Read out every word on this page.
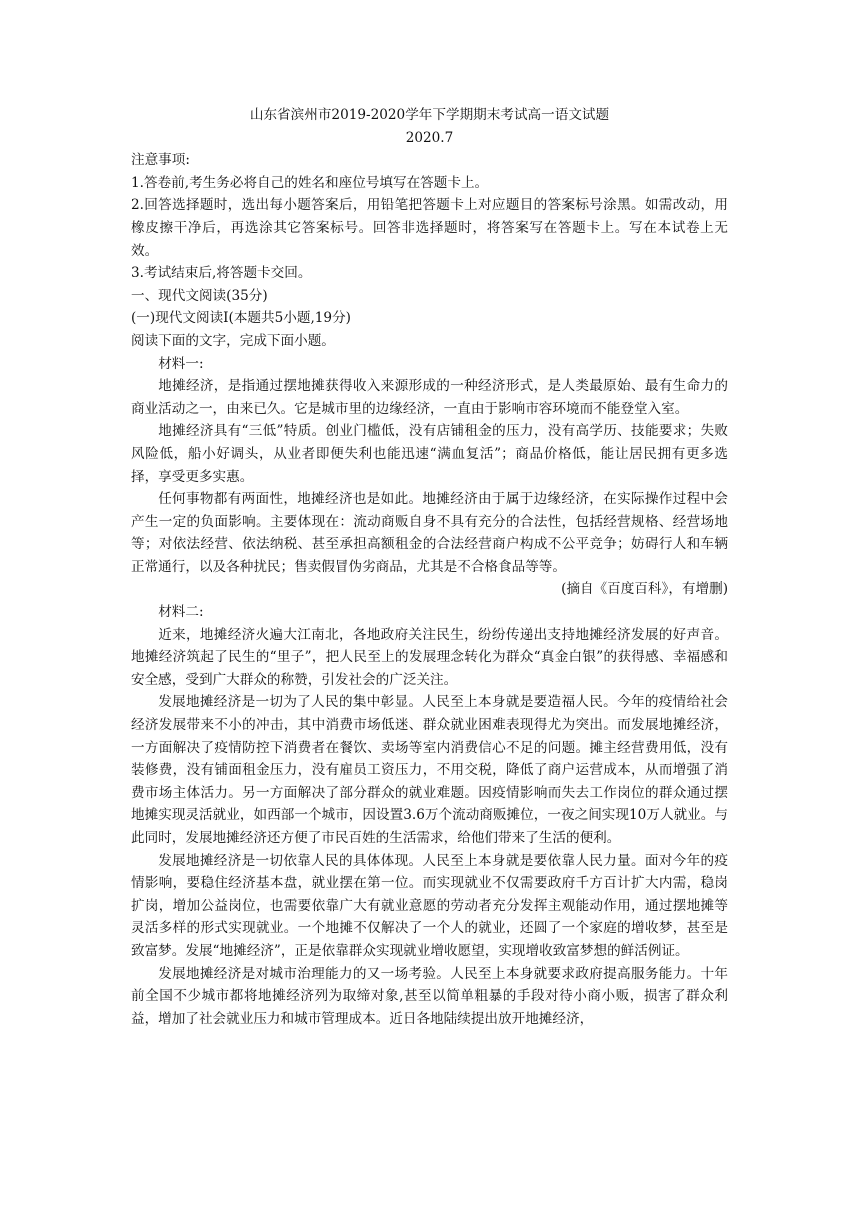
山东省滨州市2019-2020学年下学期期末考试高一语文试题

2020.7

注意事项:

1.答卷前,考生务必将自己的姓名和座位号填写在答题卡上。

2.回答选择题时，选出每小题答案后，用铅笔把答题卡上对应题目的答案标号涂黑。如需改动，用橡皮擦干净后，再选涂其它答案标号。回答非选择题时，将答案写在答题卡上。写在本试卷上无效。

3.考试结束后,将答题卡交回。

一、现代文阅读(35分)

(一)现代文阅读Ⅰ(本题共5小题,19分)

阅读下面的文字，完成下面小题。

材料一:

地摊经济，是指通过摆地摊获得收入来源形成的一种经济形式，是人类最原始、最有生命力的商业活动之一，由来已久。它是城市里的边缘经济，一直由于影响市容环境而不能登堂入室。

地摊经济具有“三低”特质。创业门槛低，没有店铺租金的压力，没有高学历、技能要求；失败风险低，船小好调头，从业者即便失利也能迅速“满血复活”；商品价格低，能让居民拥有更多选择，享受更多实惠。

任何事物都有两面性，地摊经济也是如此。地摊经济由于属于边缘经济，在实际操作过程中会产生一定的负面影响。主要体现在：流动商贩自身不具有充分的合法性，包括经营规格、经营场地等；对依法经营、依法纳税、甚至承担高额租金的合法经营商户构成不公平竞争；妨碍行人和车辆正常通行，以及各种扰民；售卖假冒伪劣商品，尤其是不合格食品等等。

(摘自《百度百科》，有增删)

材料二:

近来，地摊经济火遍大江南北，各地政府关注民生，纷纷传递出支持地摊经济发展的好声音。地摊经济筑起了民生的“里子”，把人民至上的发展理念转化为群众“真金白银”的获得感、幸福感和安全感，受到广大群众的称赞，引发社会的广泛关注。

发展地摊经济是一切为了人民的集中彰显。人民至上本身就是要造福人民。今年的疫情给社会经济发展带来不小的冲击，其中消费市场低迷、群众就业困难表现得尤为突出。而发展地摊经济，一方面解决了疫情防控下消费者在餐饮、卖场等室内消费信心不足的问题。摊主经营费用低，没有装修费，没有铺面租金压力，没有雇员工资压力，不用交税，降低了商户运营成本，从而增强了消费市场主体活力。另一方面解决了部分群众的就业难题。因疫情影响而失去工作岗位的群众通过摆地摊实现灵活就业，如西部一个城市，因设置3.6万个流动商贩摊位，一夜之间实现10万人就业。与此同时，发展地摊经济还方便了市民百姓的生活需求，给他们带来了生活的便利。

发展地摊经济是一切依靠人民的具体体现。人民至上本身就是要依靠人民力量。面对今年的疫情影响，要稳住经济基本盘，就业摆在第一位。而实现就业不仅需要政府千方百计扩大内需，稳岗扩岗，增加公益岗位，也需要依靠广大有就业意愿的劳动者充分发挥主观能动作用，通过摆地摊等灵活多样的形式实现就业。一个地摊不仅解决了一个人的就业，还圆了一个家庭的增收梦，甚至是致富梦。发展“地摊经济”，正是依靠群众实现就业增收愿望，实现增收致富梦想的鲜活例证。

发展地摊经济是对城市治理能力的又一场考验。人民至上本身就要求政府提高服务能力。十年前全国不少城市都将地摊经济列为取缔对象,甚至以简单粗暴的手段对待小商小贩，损害了群众利益，增加了社会就业压力和城市管理成本。近日各地陆续提出放开地摊经济，
